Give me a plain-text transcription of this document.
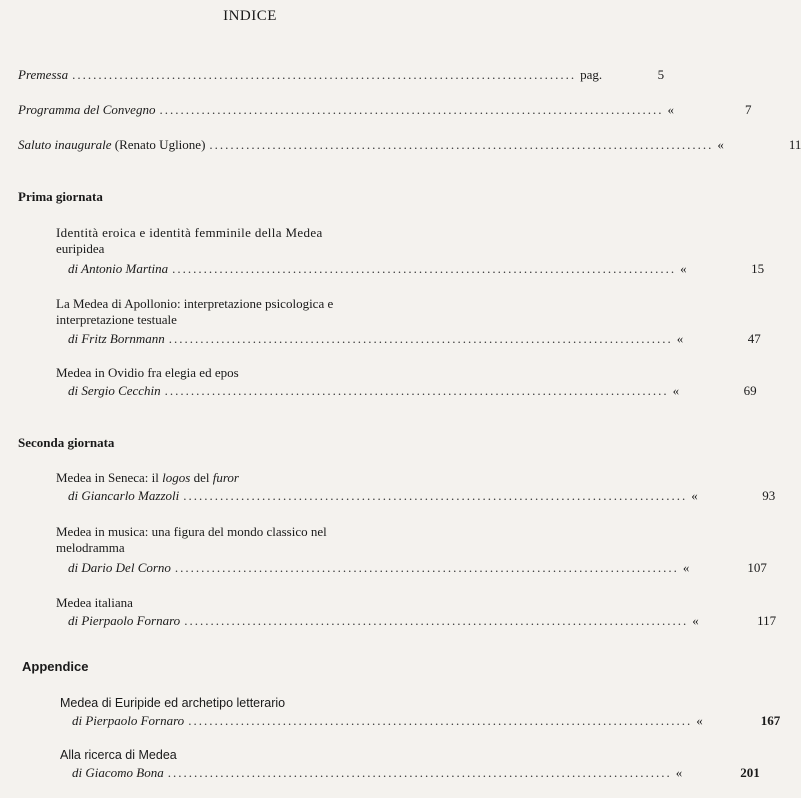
INDICE
Premessa ................................................................................................ pag.	5
Programma del Convegno ................................................................................................ «	7
Saluto inaugurale (Renato Uglione) ................................................................................................ «	11
Prima giornata
Identità eroica e identità femminile della Medea
euripidea
di Antonio Martina ................................................................................................ «	15
La Medea di Apollonio: interpretazione psicologica e
interpretazione testuale
di Fritz Bornmann ................................................................................................ «	47
Medea in Ovidio fra elegia ed epos
di Sergio Cecchin ................................................................................................ «	69
Seconda giornata
Medea in Seneca: il logos del furor
di Giancarlo Mazzoli ................................................................................................ «	93
Medea in musica: una figura del mondo classico nel
melodramma
di Dario Del Corno ................................................................................................ «	107
Medea italiana
di Pierpaolo Fornaro ................................................................................................ «	117
Appendice
Medea di Euripide ed archetipo letterario
di Pierpaolo Fornaro ................................................................................................ «	167
Alla ricerca di Medea
di Giacomo Bona ................................................................................................ «	201
